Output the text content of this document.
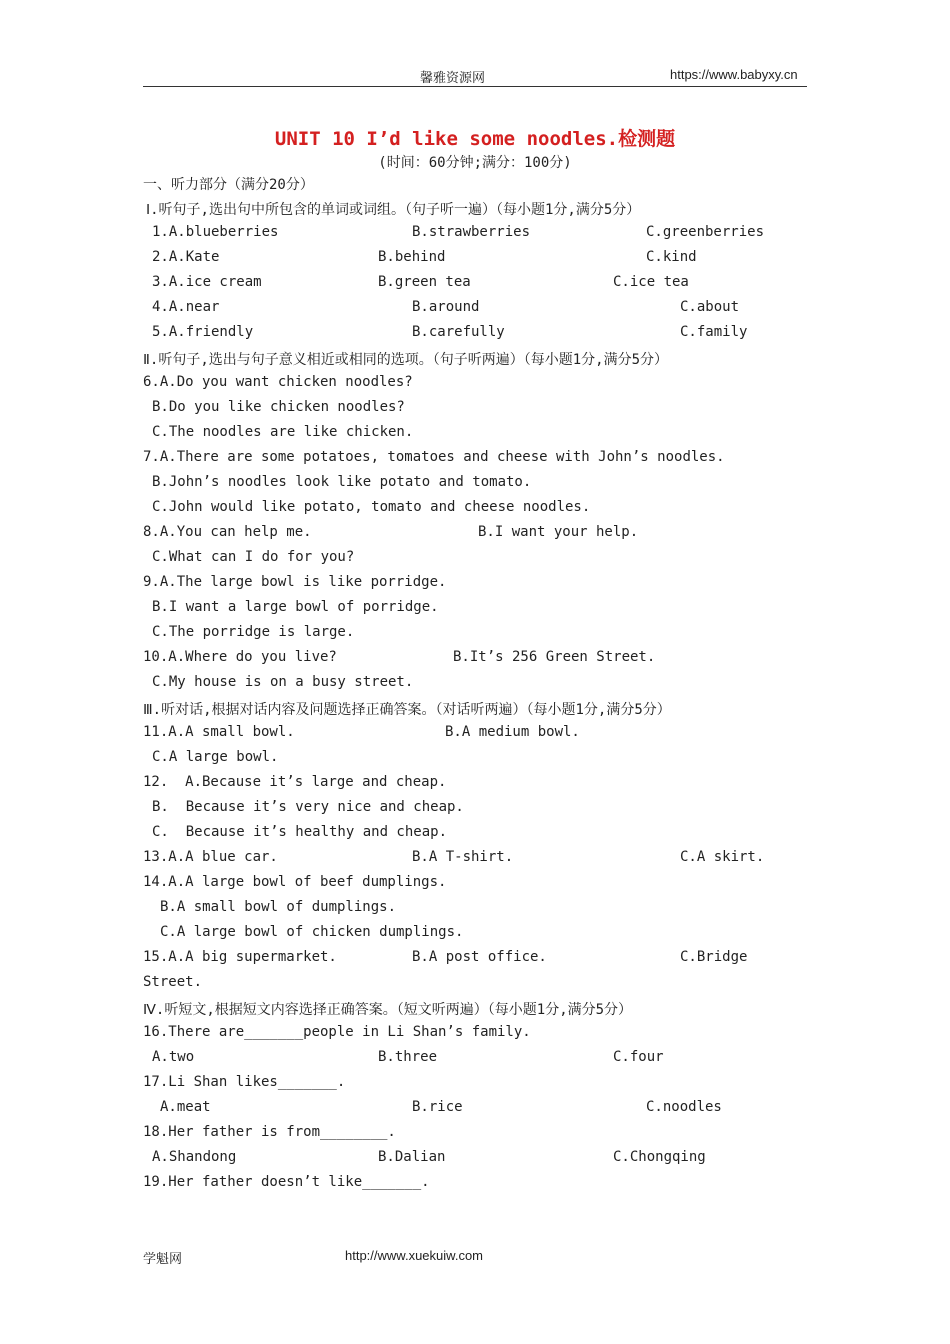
馨雅资源网	https://www.babyxy.cn
UNIT 10 I’d like some noodles.检测题
(时间：60分钟;满分：100分)
一、听力部分（满分20分）
Ⅰ.听句子,选出句中所包含的单词或词组。（句子听一遍）（每小题1分,满分5分）
1.A.blueberries	B.strawberries	C.greenberries
2.A.Kate	B.behind	C.kind
3.A.ice cream	B.green tea	C.ice tea
4.A.near	B.around	C.about
5.A.friendly	B.carefully	C.family
Ⅱ.听句子,选出与句子意义相近或相同的选项。（句子听两遍）（每小题1分,满分5分）
6.A.Do you want chicken noodles?
B.Do you like chicken noodles?
C.The noodles are like chicken.
7.A.There are some potatoes, tomatoes and cheese with John’s noodles.
B.John’s noodles look like potato and tomato.
C.John would like potato, tomato and cheese noodles.
8.A.You can help me.	B.I want your help.
C.What can I do for you?
9.A.The large bowl is like porridge.
B.I want a large bowl of porridge.
C.The porridge is large.
10.A.Where do you live?	B.It’s 256 Green Street.
C.My house is on a busy street.
Ⅲ.听对话,根据对话内容及问题选择正确答案。（对话听两遍）（每小题1分,满分5分）
11.A.A small bowl.	B.A medium bowl.
C.A large bowl.
12.  A.Because it’s large and cheap.
B.  Because it’s very nice and cheap.
C.  Because it’s healthy and cheap.
13.A.A blue car.	B.A T-shirt.	C.A skirt.
14.A.A large bowl of beef dumplings.
B.A small bowl of dumplings.
C.A large bowl of chicken dumplings.
15.A.A big supermarket.	B.A post office.	C.Bridge
Street.
Ⅳ.听短文,根据短文内容选择正确答案。（短文听两遍）（每小题1分,满分5分）
16.There are_______people in Li Shan’s family.
A.two	B.three	C.four
17.Li Shan likes_______.
A.meat	B.rice	C.noodles
18.Her father is from________.
A.Shandong	B.Dalian	C.Chongqing
19.Her father doesn’t like_______.
学魁网	http://www.xuekuiw.com
